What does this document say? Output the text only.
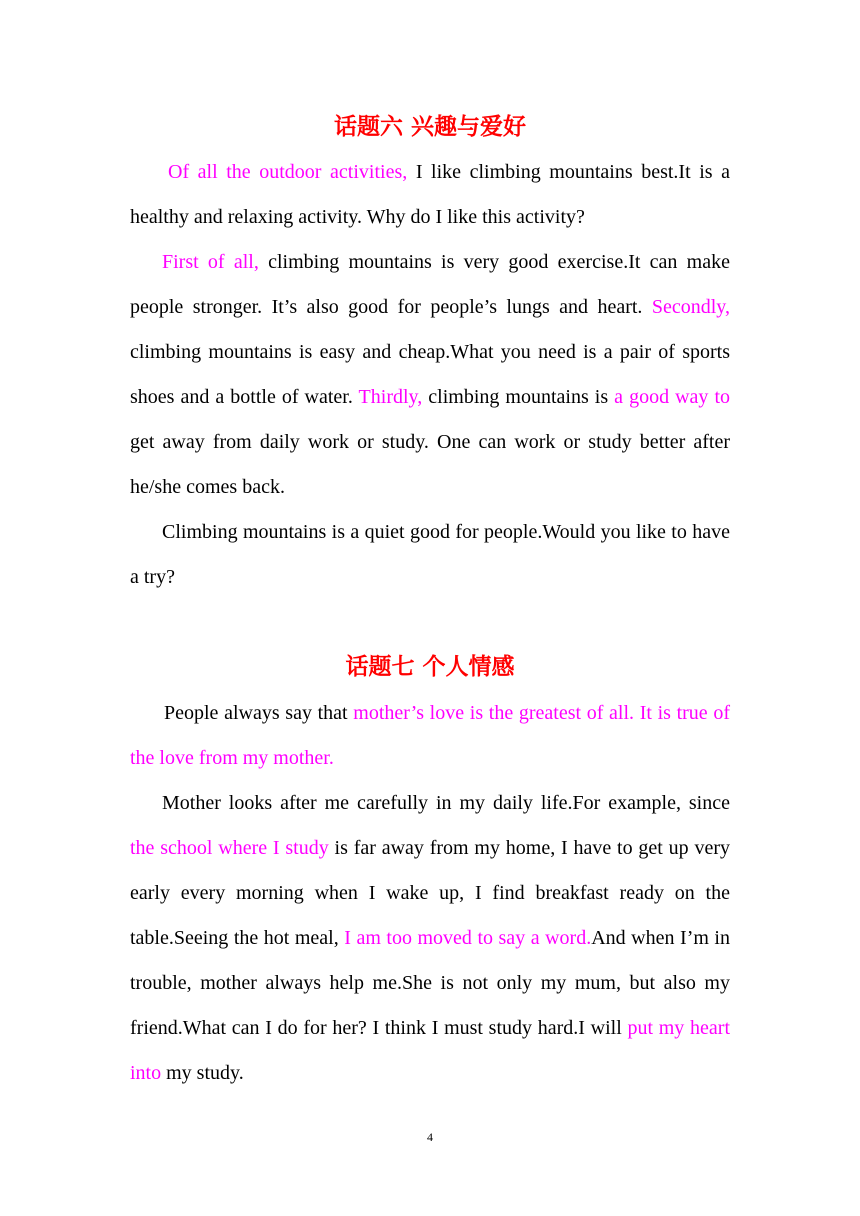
话题六 兴趣与爱好

Of all the outdoor activities, I like climbing mountains best.It is a healthy and relaxing activity. Why do I like this activity?

First of all, climbing mountains is very good exercise.It can make people stronger. It’s also good for people’s lungs and heart. Secondly, climbing mountains is easy and cheap.What you need is a pair of sports shoes and a bottle of water. Thirdly, climbing mountains is a good way to get away from daily work or study. One can work or study better after he/she comes back.

Climbing mountains is a quiet good for people.Would you like to have a try?

话题七 个人情感

People always say that mother’s love is the greatest of all. It is true of the love from my mother.

Mother looks after me carefully in my daily life.For example, since the school where I study is far away from my home, I have to get up very early every morning when I wake up, I find breakfast ready on the table.Seeing the hot meal, I am too moved to say a word.And when I’m in trouble, mother always help me.She is not only my mum, but also my friend.What can I do for her? I think I must study hard.I will put my heart into my study.

4
